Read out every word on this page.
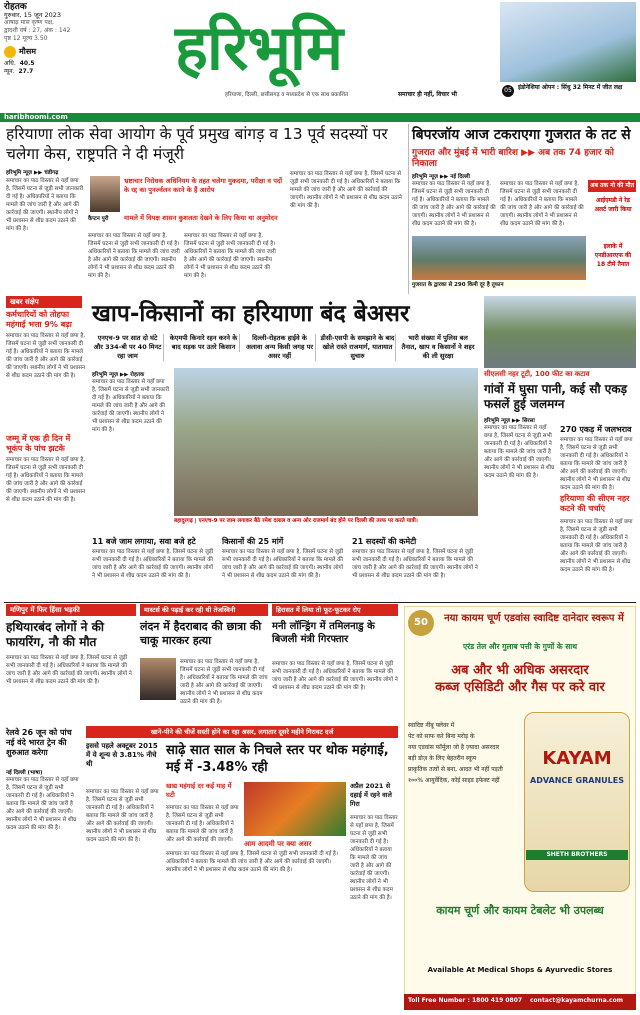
रोहतक
गुरुवार, 15 जून 2023
आषाढ़ मास कृष्ण पक्ष,
द्वादशी वर्ष : 27, अंक : 142
पृष्ठ 12 मूल्य 3.50
मौसम
अधि. 40.5
न्यून. 27.7
haribhoomi.com
हरिभूमि
हरियाणा, दिल्ली, छत्तीसगढ़ व मध्यप्रदेश से एक साथ प्रकाशित	समाचार ही नहीं, विचार भी
05	इंडोनेशिया ओपन : सिंधु 32 मिनट में जीत लक्ष
हरियाणा लोक सेवा आयोग के पूर्व प्रमुख बांगड़ व 13 पूर्व सदस्यों पर चलेगा केस, राष्ट्रपति ने दी मंजूरी
हरिभूमि न्यूज़ ▶▶ चंडीगढ़
समाचार का पाठ विस्तार से यहाँ छपा है, जिसमें घटना से जुड़ी सभी जानकारी दी गई है। अधिकारियों ने बताया कि मामले की जांच जारी है और आगे की कार्रवाई की जाएगी। स्थानीय लोगों ने भी प्रशासन से शीघ्र कदम उठाने की मांग की है।
कैप्टन पुरी
भ्रष्टाचार निरोधक अधिनियम के तहत चलेगा मुकदमा, परीक्षा व पदों के रद्द का पुनर्ज्वलन करने के हैं आरोप
मामले में विपक्ष शासन कुशलता देखने के लिए किया था अनुमोदन
समाचार का पाठ विस्तार से यहाँ छपा है, जिसमें घटना से जुड़ी सभी जानकारी दी गई है। अधिकारियों ने बताया कि मामले की जांच जारी है और आगे की कार्रवाई की जाएगी। स्थानीय लोगों ने भी प्रशासन से शीघ्र कदम उठाने की मांग की है।
समाचार का पाठ विस्तार से यहाँ छपा है, जिसमें घटना से जुड़ी सभी जानकारी दी गई है। अधिकारियों ने बताया कि मामले की जांच जारी है और आगे की कार्रवाई की जाएगी। स्थानीय लोगों ने भी प्रशासन से शीघ्र कदम उठाने की मांग की है।
समाचार का पाठ विस्तार से यहाँ छपा है, जिसमें घटना से जुड़ी सभी जानकारी दी गई है। अधिकारियों ने बताया कि मामले की जांच जारी है और आगे की कार्रवाई की जाएगी। स्थानीय लोगों ने भी प्रशासन से शीघ्र कदम उठाने की मांग की है।
बिपरजॉय आज टकराएगा गुजरात के तट से
गुजरात और मुंबई में भारी बारिश ▶▶ अब तक 74 हजार को निकाला
हरिभूमि न्यूज़ ▶▶ नई दिल्ली
समाचार का पाठ विस्तार से यहाँ छपा है, जिसमें घटना से जुड़ी सभी जानकारी दी गई है। अधिकारियों ने बताया कि मामले की जांच जारी है और आगे की कार्रवाई की जाएगी। स्थानीय लोगों ने भी प्रशासन से शीघ्र कदम उठाने की मांग की है।
समाचार का पाठ विस्तार से यहाँ छपा है, जिसमें घटना से जुड़ी सभी जानकारी दी गई है। अधिकारियों ने बताया कि मामले की जांच जारी है और आगे की कार्रवाई की जाएगी। स्थानीय लोगों ने भी प्रशासन से शीघ्र कदम उठाने की मांग की है।
गुजरात के द्वारका से 290 किमी दूर है तूफान
अब तक नो की मौत
आईएमडी ने रेड अलर्ट जारी किया
इलाके में एनडीआरएफ की 18 टीमें तैनात
खबर संक्षेप
कर्मचारियों को तोहफा महंगाई भत्ता 9% बढ़ा
समाचार का पाठ विस्तार से यहाँ छपा है, जिसमें घटना से जुड़ी सभी जानकारी दी गई है। अधिकारियों ने बताया कि मामले की जांच जारी है और आगे की कार्रवाई की जाएगी। स्थानीय लोगों ने भी प्रशासन से शीघ्र कदम उठाने की मांग की है।
जम्मू में एक ही दिन में भूकंप के पांच झटके
समाचार का पाठ विस्तार से यहाँ छपा है, जिसमें घटना से जुड़ी सभी जानकारी दी गई है। अधिकारियों ने बताया कि मामले की जांच जारी है और आगे की कार्रवाई की जाएगी। स्थानीय लोगों ने भी प्रशासन से शीघ्र कदम उठाने की मांग की है।
खाप-किसानों का हरियाणा बंद बेअसर
एनएच-9 पर सात दो घंटे और 334-बी पर 40 मिनट रहा जाम
केएमपी किनारे रहन करने के बाद सड़क पर उतरे किसान
दिल्ली-रोहतक हाईवे के अलावा अन्य किसी जगह पर असर नहीं
डीसी-एसपी के समझाने के बाद खोले रास्ते राजमार्ग, यातायात सुचारु
भारी संख्या में पुलिस बल तैनात, खाप व किसानों ने शहर की ली सुरक्षा
हरिभूमि न्यूज़ ▶▶ रोहतक
समाचार का पाठ विस्तार से यहाँ छपा है, जिसमें घटना से जुड़ी सभी जानकारी दी गई है। अधिकारियों ने बताया कि मामले की जांच जारी है और आगे की कार्रवाई की जाएगी। स्थानीय लोगों ने भी प्रशासन से शीघ्र कदम उठाने की मांग की है।
बहादुरगढ़ | एनएच-9 पर जाम लगाकर बैठे रमेश दलाल व अन्य ओर राजमार्ग बंद होने पर दिल्ली की तरफ पर करते यात्री।
11 बजे जाम लगाया, सवा बजे हटे
समाचार का पाठ विस्तार से यहाँ छपा है, जिसमें घटना से जुड़ी सभी जानकारी दी गई है। अधिकारियों ने बताया कि मामले की जांच जारी है और आगे की कार्रवाई की जाएगी। स्थानीय लोगों ने भी प्रशासन से शीघ्र कदम उठाने की मांग की है।
किसानों की 25 मांगें
समाचार का पाठ विस्तार से यहाँ छपा है, जिसमें घटना से जुड़ी सभी जानकारी दी गई है। अधिकारियों ने बताया कि मामले की जांच जारी है और आगे की कार्रवाई की जाएगी। स्थानीय लोगों ने भी प्रशासन से शीघ्र कदम उठाने की मांग की है।
21 सदस्यों की कमेटी
समाचार का पाठ विस्तार से यहाँ छपा है, जिसमें घटना से जुड़ी सभी जानकारी दी गई है। अधिकारियों ने बताया कि मामले की जांच जारी है और आगे की कार्रवाई की जाएगी। स्थानीय लोगों ने भी प्रशासन से शीघ्र कदम उठाने की मांग की है।
सीएलसी नहर टूटी, 100 फीट का कटाव
गांवों में घुसा पानी, कई सौ एकड़ फसलें हुई जलमग्न
हरिभूमि न्यूज़ ▶▶ सिरसा
समाचार का पाठ विस्तार से यहाँ छपा है, जिसमें घटना से जुड़ी सभी जानकारी दी गई है। अधिकारियों ने बताया कि मामले की जांच जारी है और आगे की कार्रवाई की जाएगी। स्थानीय लोगों ने भी प्रशासन से शीघ्र कदम उठाने की मांग की है।
270 एकड़ में जलभराव
समाचार का पाठ विस्तार से यहाँ छपा है, जिसमें घटना से जुड़ी सभी जानकारी दी गई है। अधिकारियों ने बताया कि मामले की जांच जारी है और आगे की कार्रवाई की जाएगी। स्थानीय लोगों ने भी प्रशासन से शीघ्र कदम उठाने की मांग की है।
हरियाणा की सीएम नहर कटने की चर्चाएं
समाचार का पाठ विस्तार से यहाँ छपा है, जिसमें घटना से जुड़ी सभी जानकारी दी गई है। अधिकारियों ने बताया कि मामले की जांच जारी है और आगे की कार्रवाई की जाएगी। स्थानीय लोगों ने भी प्रशासन से शीघ्र कदम उठाने की मांग की है।
मणिपुर में फिर हिंसा भड़की
हथियारबंद लोगों ने की फायरिंग, नौ की मौत
समाचार का पाठ विस्तार से यहाँ छपा है, जिसमें घटना से जुड़ी सभी जानकारी दी गई है। अधिकारियों ने बताया कि मामले की जांच जारी है और आगे की कार्रवाई की जाएगी। स्थानीय लोगों ने भी प्रशासन से शीघ्र कदम उठाने की मांग की है।
मास्टर्स की पढ़ाई कर रही थी तेजस्विनी
लंदन में हैदराबाद की छात्रा की चाकू मारकर हत्या
समाचार का पाठ विस्तार से यहाँ छपा है, जिसमें घटना से जुड़ी सभी जानकारी दी गई है। अधिकारियों ने बताया कि मामले की जांच जारी है और आगे की कार्रवाई की जाएगी। स्थानीय लोगों ने भी प्रशासन से शीघ्र कदम उठाने की मांग की है।
हिरासत में लिया तो फूट-फूटकर रोए
मनी लॉन्ड्रिंग में तमिलनाडु के बिजली मंत्री गिरफ्तार
समाचार का पाठ विस्तार से यहाँ छपा है, जिसमें घटना से जुड़ी सभी जानकारी दी गई है। अधिकारियों ने बताया कि मामले की जांच जारी है और आगे की कार्रवाई की जाएगी। स्थानीय लोगों ने भी प्रशासन से शीघ्र कदम उठाने की मांग की है।
रेलवे 26 जून को पांच नई वंदे भारत ट्रेन की शुरुआत करेगा
नई दिल्ली (भाषा)
समाचार का पाठ विस्तार से यहाँ छपा है, जिसमें घटना से जुड़ी सभी जानकारी दी गई है। अधिकारियों ने बताया कि मामले की जांच जारी है और आगे की कार्रवाई की जाएगी। स्थानीय लोगों ने भी प्रशासन से शीघ्र कदम उठाने की मांग की है।
खाने-पीने की चीजें सस्ती होने का रहा असर, लगातार दूसरे महीने गिरावट दर्ज
इससे पहले अक्टूबर 2015 में ये शून्य से 3.81% नीचे थी
साढ़े सात साल के निचले स्तर पर थोक महंगाई, मई में -3.48% रही
समाचार का पाठ विस्तार से यहाँ छपा है, जिसमें घटना से जुड़ी सभी जानकारी दी गई है। अधिकारियों ने बताया कि मामले की जांच जारी है और आगे की कार्रवाई की जाएगी। स्थानीय लोगों ने भी प्रशासन से शीघ्र कदम उठाने की मांग की है।
खाद्य महंगाई दर कई माह में घटी
समाचार का पाठ विस्तार से यहाँ छपा है, जिसमें घटना से जुड़ी सभी जानकारी दी गई है। अधिकारियों ने बताया कि मामले की जांच जारी है और आगे की कार्रवाई की जाएगी।
अप्रैल 2021 से दहाई में रहने वाले गिरा
समाचार का पाठ विस्तार से यहाँ छपा है, जिसमें घटना से जुड़ी सभी जानकारी दी गई है। अधिकारियों ने बताया कि मामले की जांच जारी है और आगे की कार्रवाई की जाएगी। स्थानीय लोगों ने भी प्रशासन से शीघ्र कदम उठाने की मांग की है।
आम आदमी पर क्या असर
समाचार का पाठ विस्तार से यहाँ छपा है, जिसमें घटना से जुड़ी सभी जानकारी दी गई है। अधिकारियों ने बताया कि मामले की जांच जारी है और आगे की कार्रवाई की जाएगी। स्थानीय लोगों ने भी प्रशासन से शीघ्र कदम उठाने की मांग की है।
50	नया कायम चूर्ण एडवांस स्वादिष्ट दानेदार स्वरूप में
एरंड तेल और गुलाब पत्ती के गुणों के साथ
अब और भी अधिक असरदार
कब्ज एसिडिटी और गैस पर करे वार
स्वादिष्ट नींबू फ्लेवर में
पेट को साफ करे बिना मरोड़ के
नया एडवांस फॉर्मूला जो है ज़्यादा असरदार
बड़ी डोज़ के लिए बेहतरीन स्कूप
प्राकृतिक तत्वों से बना, आदत भी नहीं पड़ती
१००% आयुर्वेदिक, कोई साइड इफेक्ट नहीं
KAYAM
ADVANCE GRANULES
SHETH BROTHERS
कायम चूर्ण और कायम टेबलेट भी उपलब्ध
Available At Medical Shops & Ayurvedic Stores
Toll Free Number : 1800 419 0807	contact@kayamchurna.com
